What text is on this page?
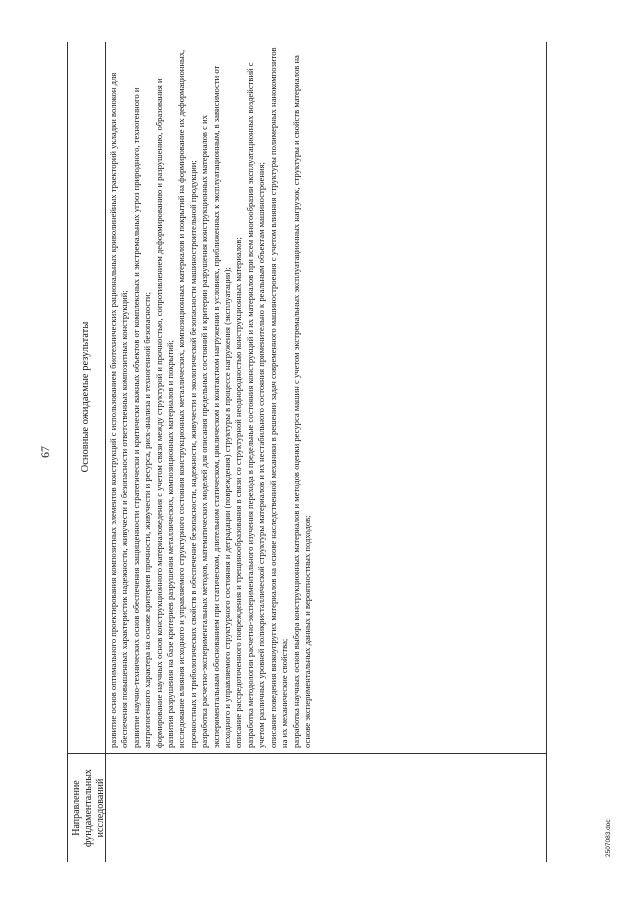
67
Направление фундаментальных исследований
Основные ожидаемые результаты развитие основ оптимального проектирования композитных элементов конструкций с использованием биотехнических рациональных криволинейных траекторий укладки волокон для обеспечения повышенных характеристик надежности, живучести и безопасности ответственных композитных конструкций; развитие научно-технических основ обеспечения защищенности стратегически и критически важных объектов от комплексных и экстремальных угроз природного, техногенного и антропогенного характера на основе критериев прочности, живучести и ресурса, риск-анализа и техногенной безопасности; формирование научных основ конструкционного материаловедения с учетом связи между структурой и прочностью, сопротивлением деформированию и разрушению, образования и развития разрушения на базе критериев разрушения металлических, композиционных материалов и покрытий; исследование влияния исходного и управляемого структурного состояния конструкционных металлических, композиционных материалов и покрытий на формирование их деформационных, прочностных и трибологических свойств в обеспечение безопасности, надежности, живучести и экологической безопасности машиностроительной продукции; разработка расчетно-экспериментальных методов, математических моделей для описания предельных состояний и критерии разрушения конструкционных материалов с их экспериментальным обоснованием при статическом, длительном статическом, циклическом и контактном нагружении в условиях, приближенных к эксплуатационным, в зависимости от исходного и управляемого структурного состояния и деградации (повреждения) структуры в процессе нагружения (эксплуатации); описание рассредоточенного повреждения и трещинообразования в связи со структурной неоднородностью конструкционных материалов; разработка методологии расчетно-экспериментального изучения перехода в предельные состояния конструкций и их материалов при всем многообразии эксплуатационных воздействий с учетом различных уровней поликристаллической структуры материалов и их нестабильного состояния применительно к реальным объектам машиностроения; описание поведения вязкоупругих материалов на основе наследственной механики в решении задач современного машиностроения с учетом влияния структуры полимерных нанокомпозитов на их механические свойства; разработка научных основ выбора конструкционных материалов и методов оценки ресурса машин с учетом экстремальных эксплуатационных нагрузок, структуры и свойств материалов на основе экспериментальных данных и вероятностных подходов;

2507083.doc
